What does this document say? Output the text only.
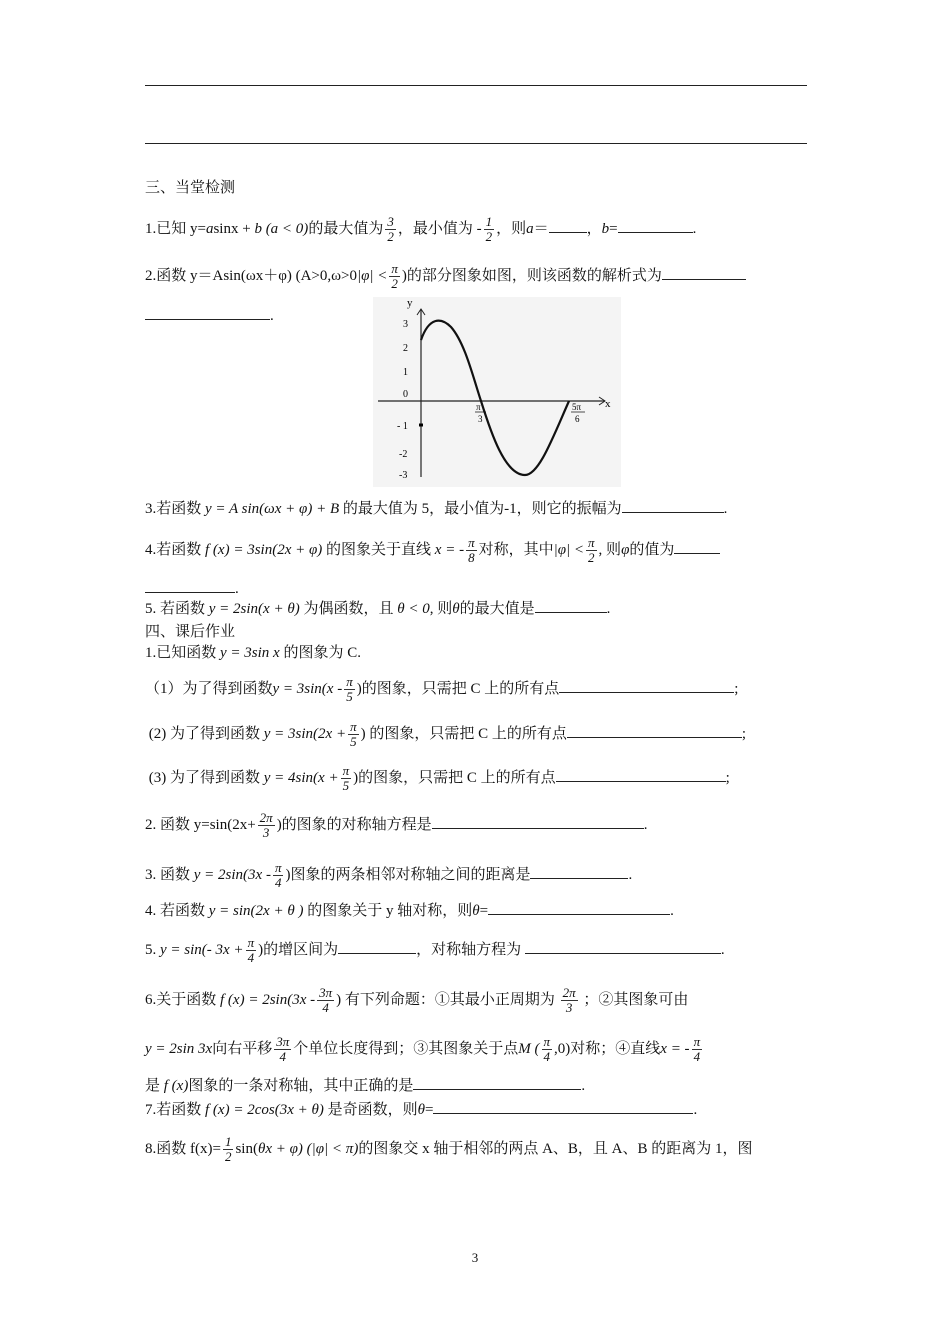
三、当堂检测
1.已知 y=asinx + b (a < 0)的最大值为 $\frac{3}{2}$ ，最小值为 - $\frac{1}{2}$ ，则a＝	，b=	.
2.函数 y＝Asin(ωx＋φ) ($A>0,\omega>0|\varphi| < \frac{\pi}{2}$ )的部分图象如图，则该函数的解析式为
.
y
x
3
2
1
0
- 1
-2
-3
π
3
5π
6
3.若函数 y = A sin(ωx + φ) + B 的最大值为 5，最小值为-1，则它的振幅为	.
4.若函数 f (x) = 3sin(2x + φ) 的图象关于直线 x = - $\frac{\pi}{8}$ 对称，其中$|\varphi| < \frac{\pi}{2}$ , 则φ的值为
.
5. 若函数 y = 2sin(x + θ) 为偶函数，且 θ < 0, 则θ的最大值是	.
四、课后作业
1.已知函数 y = 3sin x 的图象为 C.
（1）为了得到函数$y = 3\sin(x - \frac{\pi}{5}$ )的图象，只需把 C 上的所有点	;
(2) 为了得到函数 $y = 3\sin(2x + \frac{\pi}{5}$ ) 的图象，只需把 C 上的所有点	;
(3) 为了得到函数 $y = 4\sin(x + \frac{\pi}{5}$ )的图象，只需把 C 上的所有点	;
2. 函数 $y=\sin(2x+ \frac{2\pi}{3}$ )的图象的对称轴方程是	.
3. 函数 $y = 2\sin(3x - \frac{\pi}{4}$ )图象的两条相邻对称轴之间的距离是	.
4. 若函数 y = sin(2x + θ ) 的图象关于 y 轴对称，则θ=	.
5. y = sin(- $3x + \frac{\pi}{4}$ )的增区间为	，对称轴方程为	.
6.关于函数 f $(x) = 2\sin(3x - \frac{3\pi}{4}$ ) 有下列命题：①其最小正周期为 $\frac{2\pi}{3}$ ；②其图象可由
y = 2sin 3x向右平移 $\frac{3\pi}{4}$ 个单位长度得到；③其图象关于点M ( $\frac{\pi}{4} ,0$)对称；④直线x = - $\frac{\pi}{4}$
是 f (x)图象的一条对称轴，其中正确的是	.
7.若函数 f (x) = 2cos(3x + θ) 是奇函数，则θ=	.
8.函数 $f(x)= \frac{1}{2} \sin(\theta x + \varphi) (|\varphi| < \pi)$的图象交 x 轴于相邻的两点 A、B，且 A、B 的距离为 1，图
3
